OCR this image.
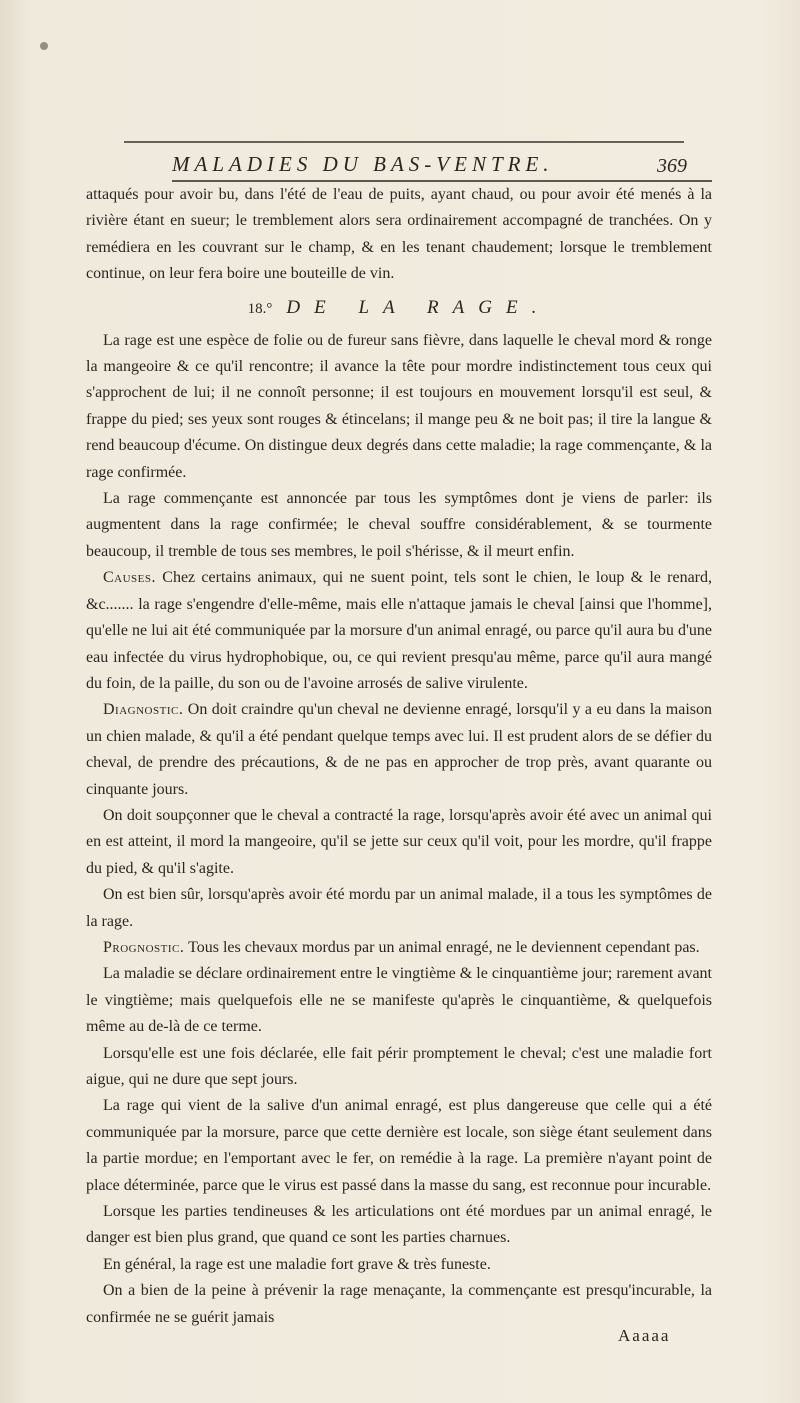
MALADIES DU BAS-VENTRE.	369

attaqués pour avoir bu, dans l'été de l'eau de puits, ayant chaud, ou pour avoir été menés à la rivière étant en sueur; le tremblement alors sera ordinairement accompagné de tranchées. On y remédiera en les couvrant sur le champ, & en les tenant chaudement; lorsque le tremblement continue, on leur fera boire une bouteille de vin.

18.° DE LA RAGE.

La rage est une espèce de folie ou de fureur sans fièvre, dans laquelle le cheval mord & ronge la mangeoire & ce qu'il rencontre; il avance la tête pour mordre indistinctement tous ceux qui s'approchent de lui; il ne connoît personne; il est toujours en mouvement lorsqu'il est seul, & frappe du pied; ses yeux sont rouges & étincelans; il mange peu & ne boit pas; il tire la langue & rend beaucoup d'écume. On distingue deux degrés dans cette maladie; la rage commençante, & la rage confirmée.

La rage commençante est annoncée par tous les symptômes dont je viens de parler: ils augmentent dans la rage confirmée; le cheval souffre considérablement, & se tourmente beaucoup, il tremble de tous ses membres, le poil s'hérisse, & il meurt enfin.

Causes. Chez certains animaux, qui ne suent point, tels sont le chien, le loup & le renard, &c....... la rage s'engendre d'elle-même, mais elle n'attaque jamais le cheval [ainsi que l'homme], qu'elle ne lui ait été communiquée par la morsure d'un animal enragé, ou parce qu'il aura bu d'une eau infectée du virus hydrophobique, ou, ce qui revient presqu'au même, parce qu'il aura mangé du foin, de la paille, du son ou de l'avoine arrosés de salive virulente.

Diagnostic. On doit craindre qu'un cheval ne devienne enragé, lorsqu'il y a eu dans la maison un chien malade, & qu'il a été pendant quelque temps avec lui. Il est prudent alors de se défier du cheval, de prendre des précautions, & de ne pas en approcher de trop près, avant quarante ou cinquante jours.

On doit soupçonner que le cheval a contracté la rage, lorsqu'après avoir été avec un animal qui en est atteint, il mord la mangeoire, qu'il se jette sur ceux qu'il voit, pour les mordre, qu'il frappe du pied, & qu'il s'agite.

On est bien sûr, lorsqu'après avoir été mordu par un animal malade, il a tous les symptômes de la rage.

Prognostic. Tous les chevaux mordus par un animal enragé, ne le deviennent cependant pas.

La maladie se déclare ordinairement entre le vingtième & le cinquantième jour; rarement avant le vingtième; mais quelquefois elle ne se manifeste qu'après le cinquantième, & quelquefois même au de-là de ce terme.

Lorsqu'elle est une fois déclarée, elle fait périr promptement le cheval; c'est une maladie fort aigue, qui ne dure que sept jours.

La rage qui vient de la salive d'un animal enragé, est plus dangereuse que celle qui a été communiquée par la morsure, parce que cette dernière est locale, son siège étant seulement dans la partie mordue; en l'emportant avec le fer, on remédie à la rage. La première n'ayant point de place déterminée, parce que le virus est passé dans la masse du sang, est reconnue pour incurable.

Lorsque les parties tendineuses & les articulations ont été mordues par un animal enragé, le danger est bien plus grand, que quand ce sont les parties charnues.

En général, la rage est une maladie fort grave & très funeste.

On a bien de la peine à prévenir la rage menaçante, la commençante est presqu'incurable, la confirmée ne se guérit jamais

Aaaaa
